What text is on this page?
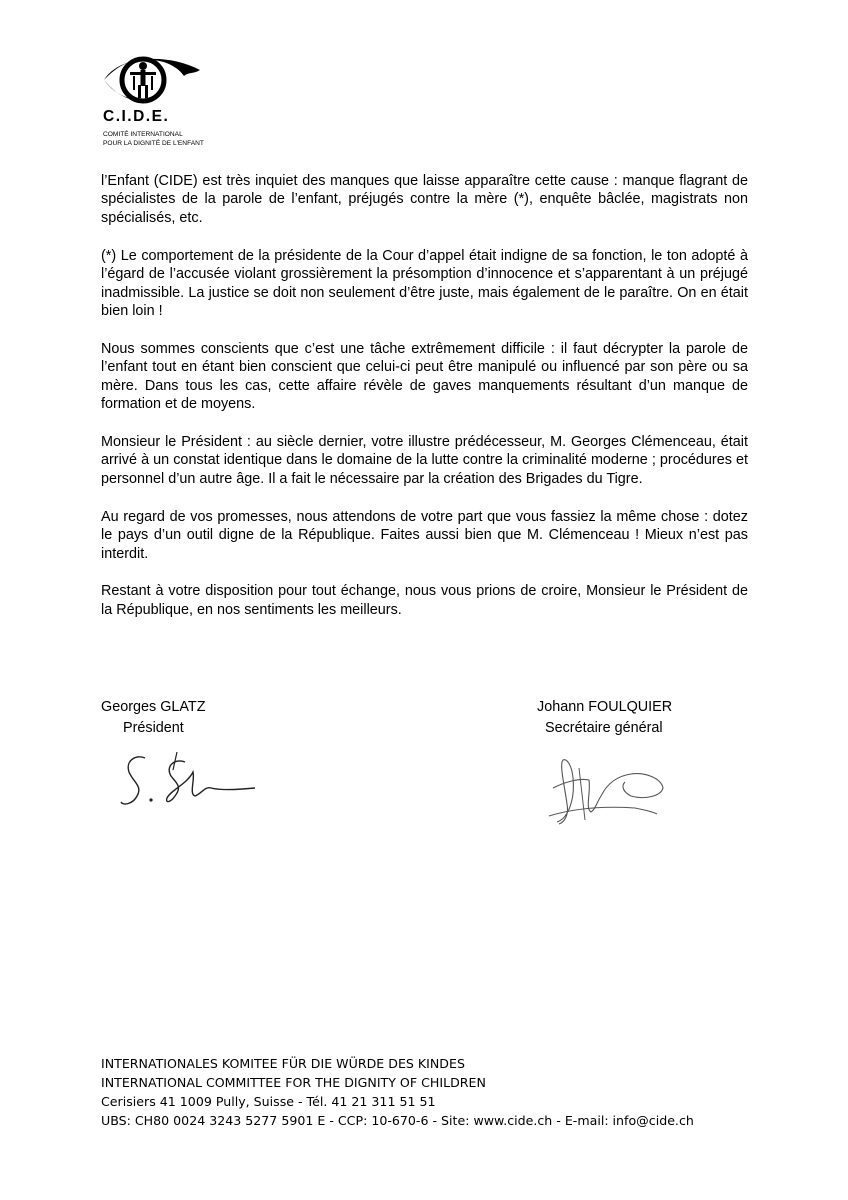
C.I.D.E.
COMITÉ INTERNATIONAL
POUR LA DIGNITÉ DE L'ENFANT

l’Enfant (CIDE) est très inquiet des manques que laisse apparaître cette cause : manque flagrant de spécialistes de la parole de l’enfant, préjugés contre la mère (*), enquête bâclée, magistrats non spécialisés, etc.

(*) Le comportement de la présidente de la Cour d’appel était indigne de sa fonction, le ton adopté à l’égard de l’accusée violant grossièrement la présomption d’innocence et s’apparentant à un préjugé inadmissible. La justice se doit non seulement d’être juste, mais également de le paraître. On en était bien loin !

Nous sommes conscients que c’est une tâche extrêmement difficile : il faut décrypter la parole de l’enfant tout en étant bien conscient que celui-ci peut être manipulé ou influencé par son père ou sa mère. Dans tous les cas, cette affaire révèle de gaves manquements résultant d’un manque de formation et de moyens.

Monsieur le Président : au siècle dernier, votre illustre prédécesseur, M. Georges Clémenceau, était arrivé à un constat identique dans le domaine de la lutte contre la criminalité moderne ; procédures et personnel d’un autre âge. Il a fait le nécessaire par la création des Brigades du Tigre.

Au regard de vos promesses, nous attendons de votre part que vous fassiez la même chose : dotez le pays d’un outil digne de la République. Faites aussi bien que M. Clémenceau ! Mieux n’est pas interdit.

Restant à votre disposition pour tout échange, nous vous prions de croire, Monsieur le Président de la République, en nos sentiments les meilleurs.

Georges GLATZ
Président
Johann FOULQUIER
Secrétaire général
INTERNATIONALES KOMITEE FÜR DIE WÜRDE DES KINDES
INTERNATIONAL COMMITTEE FOR THE DIGNITY OF CHILDREN
Cerisiers 41 1009 Pully, Suisse - Tél. 41 21 311 51 51
UBS: CH80 0024 3243 5277 5901 E - CCP: 10-670-6 - Site: www.cide.ch - E-mail: info@cide.ch
